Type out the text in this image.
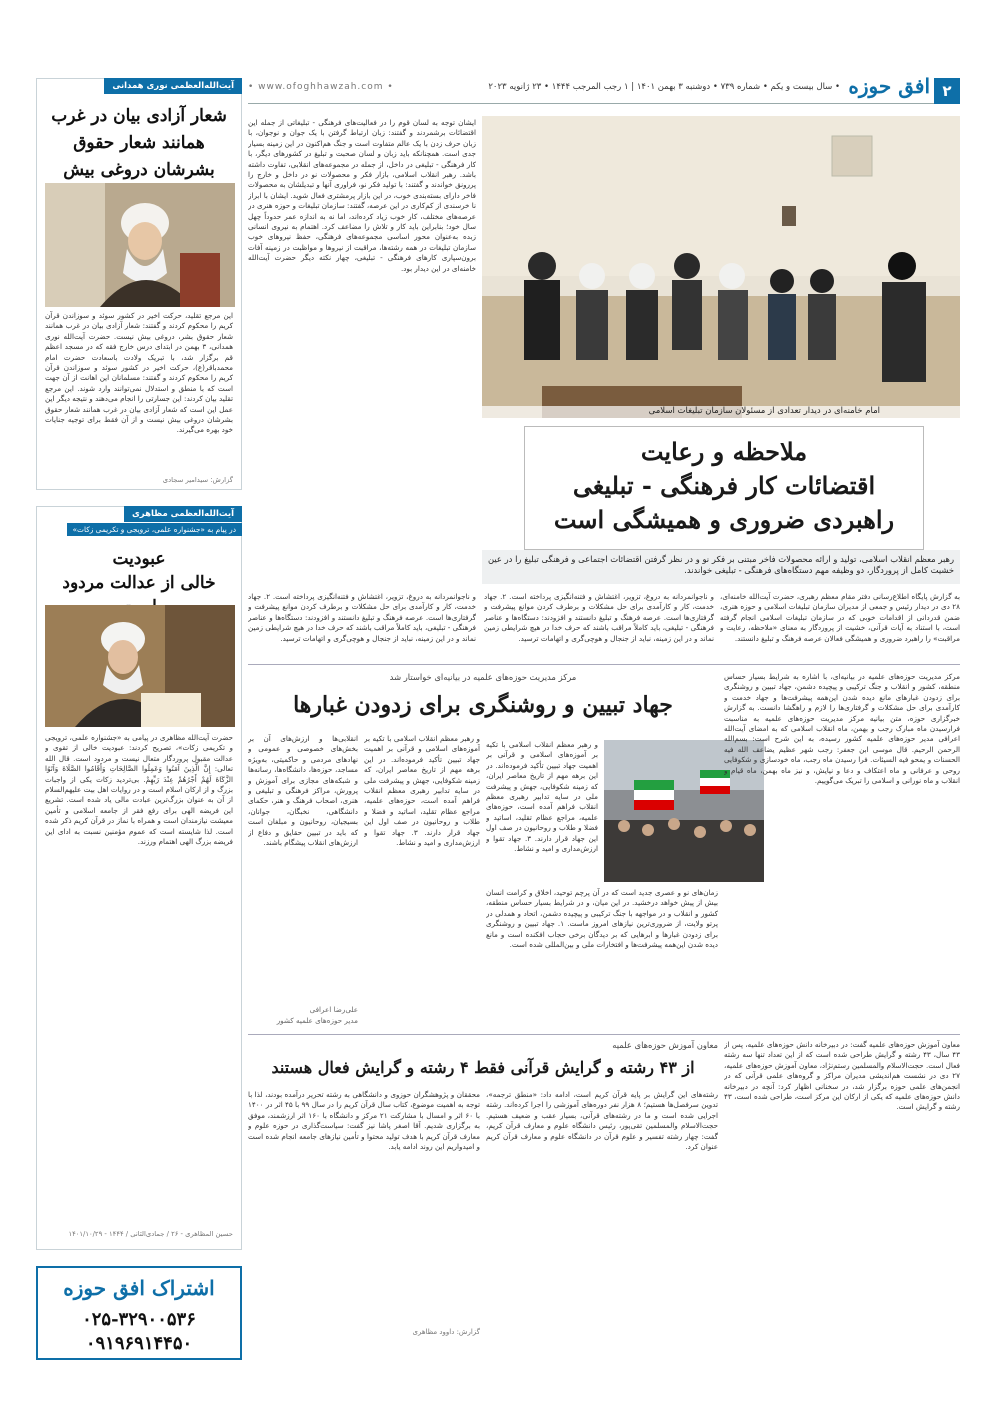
۲
افق حوزه
• سال بیست و یکم • شماره ۷۳۹ • دوشنبه ۳ بهمن ۱۴۰۱ | ۱ رجب المرجب ۱۴۴۴ • ۲۳ ژانویه ۲۰۲۳
• www.ofoghhawzah.com •
آیت‌الله‌العظمی نوری همدانی
شعار آزادی بیان در غرب همانند شعار حقوق بشرشان دروغی بیش
این مرجع تقلید، حرکت اخیر در کشور سوئد و سوزاندن قرآن کریم را محکوم کردند و گفتند: شعار آزادی بیان در غرب همانند شعار حقوق بشر، دروغی بیش نیست. حضرت آیت‌الله نوری همدانی، ۳ بهمن در ابتدای درس خارج فقه که در مسجد اعظم قم برگزار شد، با تبریک ولادت باسعادت حضرت امام محمدباقر(ع)، حرکت اخیر در کشور سوئد و سوزاندن قرآن کریم را محکوم کردند و گفتند: مسلمانان این اهانت از آن جهت است که با منطق و استدلال نمی‌توانند وارد شوند. این مرجع تقلید بیان کردند: این جسارتی را انجام می‌دهند و نتیجه دیگر این عمل این است که شعار آزادی بیان در غرب همانند شعار حقوق بشرشان دروغی بیش نیست و از آن فقط برای توجیه جنایات خود بهره می‌گیرند.
گزارش: سیدامیر سجادی
آیت‌الله‌العظمی مظاهری
در پیام به «جشنواره علمی، ترویجی و تکریمی زکات»
عبودیت
خالی از عدالت مردود
حضرت آیت‌الله مظاهری در پیامی به «جشنواره علمی، ترویجی و تکریمی زکات»، تصریح کردند: عبودیت خالی از تقوی و عدالت مقبول پروردگار متعال نیست و مردود است. قال الله تعالی: إِنَّ الَّذِینَ آمَنُوا وَعَمِلُوا الصَّالِحَاتِ وَأَقَامُوا الصَّلَاةَ وَآتَوُا الزَّكَاةَ لَهُمْ أَجْرُهُمْ عِنْدَ رَبِّهِمْ. بی‌تردید زکات یکی از واجبات بزرگ و از ارکان اسلام است و در روایات اهل بیت علیهم‌السلام از آن به عنوان بزرگ‌ترین عبادت مالی یاد شده است. تشریع این فریضه الهی برای رفع فقر از جامعه اسلامی و تأمین معیشت نیازمندان است و همراه با نماز در قرآن کریم ذکر شده است. لذا شایسته است که عموم مؤمنین نسبت به ادای این فریضه بزرگ الهی اهتمام ورزند.
حسین المظاهری - ۲۶ / جمادی‌الثانی / ۱۴۴۴ - ۱۴۰۱/۱۰/۲۹
اشتراک افق حوزه
۰۲۵-۳۲۹۰۰۵۳۶
۰۹۱۹۶۹۱۴۴۵۰
امام خامنه‌ای در دیدار تعدادی از مسئولان سازمان تبلیغات اسلامی
ملاحظه و رعایت
اقتضائات کار فرهنگی - تبلیغی
راهبردی ضروری و همیشگی است
رهبر معظم انقلاب اسلامی، تولید و ارائه محصولات فاخر مبتنی بر فکر نو و در نظر گرفتن اقتضائات اجتماعی و فرهنگی تبلیغ را در عین خشیت کامل از پروردگار، دو وظیفه مهم دستگاه‌های فرهنگی - تبلیغی خواندند.
ایشان توجه به لسان قوم را در فعالیت‌های فرهنگی - تبلیغاتی از جمله این اقتضائات برشمردند و گفتند: زبان ارتباط گرفتن با یک جوان و نوجوان، با زبان حرف زدن با یک عالم متفاوت است و جنگ هم‌اکنون در این زمینه بسیار جدی است. همچنانکه باید زبان و لسان صحبت و تبلیغ در کشورهای دیگر، با کار فرهنگی - تبلیغی در داخل، از جمله در مجموعه‌های انقلابی، تفاوت داشته باشد. رهبر انقلاب اسلامی، بازار فکر و محصولات نو در داخل و خارج را پررونق خواندند و گفتند: با تولید فکر نو، فراوری آنها و تبدیلشان به محصولات فاخر دارای بسته‌بندی خوب، در این بازار پرمشتری فعال شوید. ایشان با ابراز نا خرسندی از کم‌کاری در این عرصه، گفتند: سازمان تبلیغات و حوزه هنری در عرصه‌های مختلف، کار خوب زیاد کرده‌اند، اما نه به اندازه عمر حدوداً چهل سال خود؛ بنابراین باید کار و تلاش را مضاعف کرد. اهتمام به نیروی انسانی زبده به‌عنوان محور اساسی مجموعه‌های فرهنگی، حفظ نیروهای خوب سازمان تبلیغات در همه رشته‌ها، مراقبت از نیروها و مواظبت در زمینه آفات برون‌سپاری کارهای فرهنگی - تبلیغی، چهار نکته دیگر حضرت آیت‌الله خامنه‌ای در این دیدار بود.
و ناجوانمردانه به دروغ، تزویر، اغتشاش و فتنه‌انگیزی پرداخته است. ۲. جهاد خدمت، کار و کارآمدی برای حل مشکلات و برطرف کردن موانع پیشرفت و گرفتاری‌ها است. عرصه فرهنگ و تبلیغ دانستند و افزودند: دستگاه‌ها و عناصر فرهنگی - تبلیغی، باید کاملاً مراقب باشند که حرف خدا در هیچ شرایطی زمین نماند و در این زمینه، نباید از جنجال و هوچی‌گری و اتهامات ترسید.
به گزارش پایگاه اطلاع‌رسانی دفتر مقام معظم رهبری، حضرت آیت‌الله خامنه‌ای، ۲۸ دی در دیدار رئیس و جمعی از مدیران سازمان تبلیغات اسلامی و حوزه هنری، ضمن قدردانی از اقدامات خوبی که در سازمان تبلیغات اسلامی انجام گرفته است، با استناد به آیات قرآنی، خشیت از پروردگار به معنای «ملاحظه، رعایت و مراقبت» را راهبرد ضروری و همیشگی فعالان عرصه فرهنگ و تبلیغ دانستند.
و ناجوانمردانه به دروغ، تزویر، اغتشاش و فتنه‌انگیزی پرداخته است. ۲. جهاد خدمت، کار و کارآمدی برای حل مشکلات و برطرف کردن موانع پیشرفت و گرفتاری‌ها است. عرصه فرهنگ و تبلیغ دانستند و افزودند: دستگاه‌ها و عناصر فرهنگی - تبلیغی، باید کاملاً مراقب باشند که حرف خدا در هیچ شرایطی زمین نماند و در این زمینه، نباید از جنجال و هوچی‌گری و اتهامات ترسید.
مرکز مدیریت حوزه‌های علمیه در بیانیه‌ای خواستار شد
جهاد تبیین و روشنگری برای زدودن غبارها
مرکز مدیریت حوزه‌های علمیه در بیانیه‌ای، با اشاره به شرایط بسیار حساس منطقه، کشور و انقلاب و جنگ ترکیبی و پیچیده دشمن، جهاد تبیین و روشنگری برای زدودن غبارهای مانع دیده شدن این‌همه پیشرفت‌ها و جهاد خدمت و کارآمدی برای حل مشکلات و گرفتاری‌ها را لازم و راهگشا دانست. به گزارش خبرگزاری حوزه، متن بیانیه مرکز مدیریت حوزه‌های علمیه به مناسبت فرارسیدن ماه مبارک رجب و بهمن، ماه انقلاب اسلامی که به امضای آیت‌الله اعرافی مدیر حوزه‌های علمیه کشور رسیده، به این شرح است: بسم‌الله الرحمن الرحیم. قال موسی ابن جعفر: رجب شهر عظیم یضاعف الله فیه الحسنات و یمحو فیه السیئات. فرا رسیدن ماه رجب، ماه خودسازی و شکوفایی روحی و عرفانی و ماه اعتکاف و دعا و نیایش، و نیز ماه بهمن، ماه قیام و انقلاب و ماه نورانی و اسلامی را تبریک می‌گوییم.
زمان‌های نو و عصری جدید است که در آن پرچم توحید، اخلاق و کرامت انسان بیش از پیش خواهد درخشید. در این میان، و در شرایط بسیار حساس منطقه، کشور و انقلاب و در مواجهه با جنگ ترکیبی و پیچیده دشمن، اتحاد و همدلی در پرتو ولایت، از ضروری‌ترین نیازهای امروز ماست. ۱. جهاد تبیین و روشنگری برای زدودن غبارها و ابرهایی که بر دیدگان برخی حجاب افکنده است و مانع دیده شدن این‌همه پیشرفت‌ها و افتخارات ملی و بین‌المللی شده است.
و رهبر معظم انقلاب اسلامی با تکیه بر آموزه‌های اسلامی و قرآنی بر اهمیت جهاد تبیین تأکید فرموده‌اند. در این برهه مهم از تاریخ معاصر ایران، که زمینه شکوفایی، جهش و پیشرفت ملی در سایه تدابیر رهبری معظم انقلاب فراهم آمده است، حوزه‌های علمیه، مراجع عظام تقلید، اساتید و فضلا و طلاب و روحانیون در صف اول این جهاد قرار دارند. ۳. جهاد تقوا و ارزش‌مداری و امید و نشاط.
انقلابی‌ها و ارزش‌های آن بر بخش‌های خصوصی و عمومی و نهادهای مردمی و حاکمیتی، به‌ویژه مساجد، حوزه‌ها، دانشگاه‌ها، رسانه‌ها و شبکه‌های مجازی برای آموزش و پرورش، مراکز فرهنگی و تبلیغی و هنری، اصحاب فرهنگ و هنر، حکمای دانشگاهی، نخبگان، جوانان، بسیجیان، روحانیون و مبلغان است که باید در تبیین حقایق و دفاع از ارزش‌های انقلاب پیشگام باشند.
و رهبر معظم انقلاب اسلامی با تکیه بر آموزه‌های اسلامی و قرآنی بر اهمیت جهاد تبیین تأکید فرموده‌اند. در این برهه مهم از تاریخ معاصر ایران، که زمینه شکوفایی، جهش و پیشرفت ملی در سایه تدابیر رهبری معظم انقلاب فراهم آمده است، حوزه‌های علمیه، مراجع عظام تقلید، اساتید و فضلا و طلاب و روحانیون در صف اول این جهاد قرار دارند. ۳. جهاد تقوا و ارزش‌مداری و امید و نشاط.
علی‌رضا اعرافی
مدیر حوزه‌های علمیه کشور
معاون آموزش حوزه‌های علمیه
از ۴۳ رشته و گرایش قرآنی فقط ۴ رشته و گرایش فعال هستند
معاون آموزش حوزه‌های علمیه گفت: در دبیرخانه دانش حوزه‌های علمیه، پس از ۴۳ سال، ۴۳ رشته و گرایش طراحی شده است که از این تعداد تنها سه رشته فعال است. حجت‌الاسلام والمسلمین رستم‌نژاد، معاون آموزش حوزه‌های علمیه، ۲۷ دی در نشست هم‌اندیشی مدیران مراکز و گروه‌های علمی قرآنی که در انجمن‌های علمی حوزه برگزار شد، در سخنانی اظهار کرد: آنچه در دبیرخانه دانش حوزه‌های علمیه که یکی از ارکان این مرکز است، طراحی شده است، ۴۳ رشته و گرایش است.
رشته‌های این گرایش بر پایه قرآن کریم است، ادامه داد: «منطق ترجمه»، تدوین سرفصل‌ها هستیم؛ ۸ هزار نفر دوره‌های آموزشی را اجرا کرده‌اند. رشته اجرایی شده است و ما در رشته‌های قرآنی، بسیار عقب و ضعیف هستیم. حجت‌الاسلام والمسلمین تقی‌پور، رئیس دانشگاه علوم و معارف قرآن کریم، گفت: چهار رشته تفسیر و علوم قرآن در دانشگاه علوم و معارف قرآن کریم عنوان کرد.
محققان و پژوهشگران حوزوی و دانشگاهی به رشته تحریر درآمده بودند، لذا با توجه به اهمیت موضوع، کتاب سال قرآن کریم را در سال ۹۹ با ۴۵ اثر در ۱۴۰۰ با ۶۰ اثر و امسال با مشارکت ۲۱ مرکز و دانشگاه با ۱۶۰ اثر ارزشمند، موفق به برگزاری شدیم. آقا اصغر پاشا نیز گفت: سیاست‌گذاری در حوزه علوم و معارف قرآن کریم با هدف تولید محتوا و تأمین نیازهای جامعه انجام شده است و امیدواریم این روند ادامه یابد.
گزارش: داوود مظاهری
